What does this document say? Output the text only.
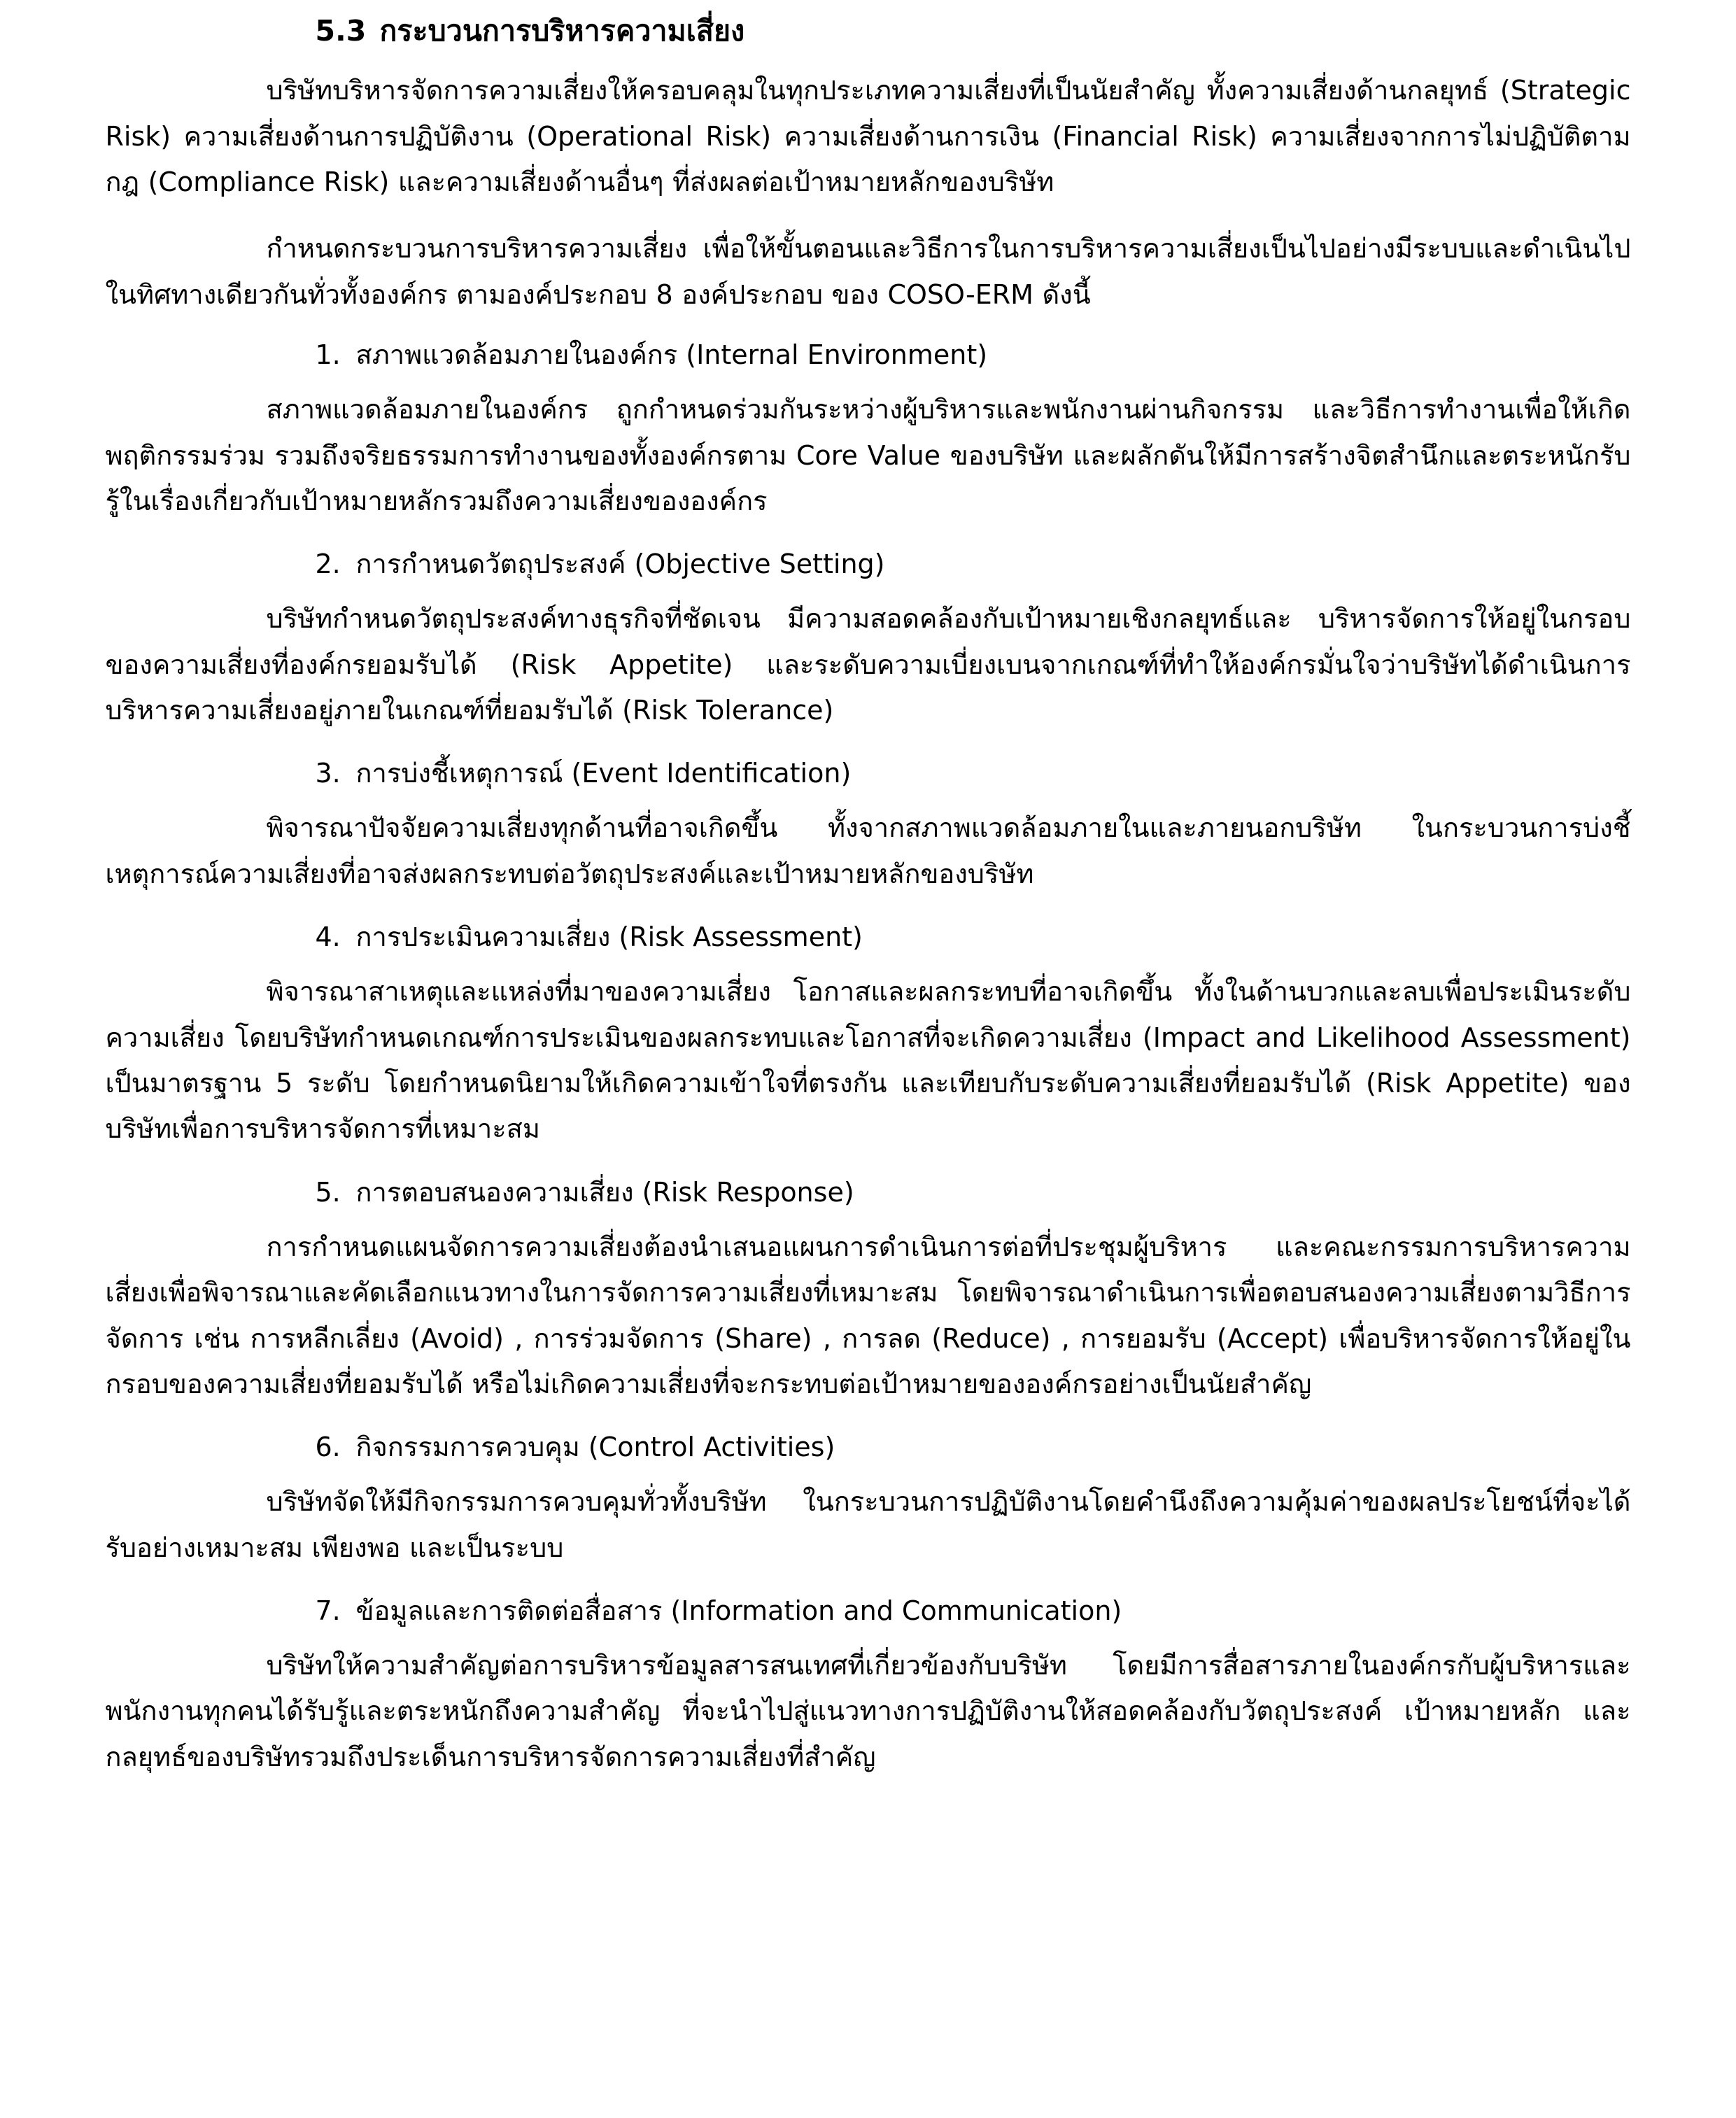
5.3 กระบวนการบริหารความเสี่ยง

บริษัทบริหารจัดการความเสี่ยงให้ครอบคลุมในทุกประเภทความเสี่ยงที่เป็นนัยสำคัญ ทั้งความเสี่ยงด้านกลยุทธ์ (Strategic Risk) ความเสี่ยงด้านการปฏิบัติงาน (Operational Risk) ความเสี่ยงด้านการเงิน (Financial Risk) ความเสี่ยงจากการไม่ปฏิบัติตามกฎ (Compliance Risk) และความเสี่ยงด้านอื่นๆ ที่ส่งผลต่อเป้าหมายหลักของบริษัท

กำหนดกระบวนการบริหารความเสี่ยง เพื่อให้ขั้นตอนและวิธีการในการบริหารความเสี่ยงเป็นไปอย่างมีระบบและดำเนินไปในทิศทางเดียวกันทั่วทั้งองค์กร ตามองค์ประกอบ 8 องค์ประกอบ ของ COSO-ERM ดังนี้

1. สภาพแวดล้อมภายในองค์กร (Internal Environment)

สภาพแวดล้อมภายในองค์กร ถูกกำหนดร่วมกันระหว่างผู้บริหารและพนักงานผ่านกิจกรรม และวิธีการทำงานเพื่อให้เกิดพฤติกรรมร่วม รวมถึงจริยธรรมการทำงานของทั้งองค์กรตาม Core Value ของบริษัท และผลักดันให้มีการสร้างจิตสำนึกและตระหนักรับรู้ในเรื่องเกี่ยวกับเป้าหมายหลักรวมถึงความเสี่ยงขององค์กร

2. การกำหนดวัตถุประสงค์ (Objective Setting)

บริษัทกำหนดวัตถุประสงค์ทางธุรกิจที่ชัดเจน มีความสอดคล้องกับเป้าหมายเชิงกลยุทธ์และ บริหารจัดการให้อยู่ในกรอบของความเสี่ยงที่องค์กรยอมรับได้ (Risk Appetite) และระดับความเบี่ยงเบนจากเกณฑ์ที่ทำให้องค์กรมั่นใจว่าบริษัทได้ดำเนินการบริหารความเสี่ยงอยู่ภายในเกณฑ์ที่ยอมรับได้ (Risk Tolerance)

3. การบ่งชี้เหตุการณ์ (Event Identification)

พิจารณาปัจจัยความเสี่ยงทุกด้านที่อาจเกิดขึ้น ทั้งจากสภาพแวดล้อมภายในและภายนอกบริษัท ในกระบวนการบ่งชี้เหตุการณ์ความเสี่ยงที่อาจส่งผลกระทบต่อวัตถุประสงค์และเป้าหมายหลักของบริษัท

4. การประเมินความเสี่ยง (Risk Assessment)

พิจารณาสาเหตุและแหล่งที่มาของความเสี่ยง โอกาสและผลกระทบที่อาจเกิดขึ้น ทั้งในด้านบวกและลบเพื่อประเมินระดับความเสี่ยง โดยบริษัทกำหนดเกณฑ์การประเมินของผลกระทบและโอกาสที่จะเกิดความเสี่ยง (Impact and Likelihood Assessment) เป็นมาตรฐาน 5 ระดับ โดยกำหนดนิยามให้เกิดความเข้าใจที่ตรงกัน และเทียบกับระดับความเสี่ยงที่ยอมรับได้ (Risk Appetite) ของบริษัทเพื่อการบริหารจัดการที่เหมาะสม

5. การตอบสนองความเสี่ยง (Risk Response)

การกำหนดแผนจัดการความเสี่ยงต้องนำเสนอแผนการดำเนินการต่อที่ประชุมผู้บริหาร และคณะกรรมการบริหารความเสี่ยงเพื่อพิจารณาและคัดเลือกแนวทางในการจัดการความเสี่ยงที่เหมาะสม โดยพิจารณาดำเนินการเพื่อตอบสนองความเสี่ยงตามวิธีการจัดการ เช่น การหลีกเลี่ยง (Avoid) , การร่วมจัดการ (Share) , การลด (Reduce) , การยอมรับ (Accept) เพื่อบริหารจัดการให้อยู่ในกรอบของความเสี่ยงที่ยอมรับได้ หรือไม่เกิดความเสี่ยงที่จะกระทบต่อเป้าหมายขององค์กรอย่างเป็นนัยสำคัญ

6. กิจกรรมการควบคุม (Control Activities)

บริษัทจัดให้มีกิจกรรมการควบคุมทั่วทั้งบริษัท ในกระบวนการปฏิบัติงานโดยคำนึงถึงความคุ้มค่าของผลประโยชน์ที่จะได้รับอย่างเหมาะสม เพียงพอ และเป็นระบบ

7. ข้อมูลและการติดต่อสื่อสาร (Information and Communication)

บริษัทให้ความสำคัญต่อการบริหารข้อมูลสารสนเทศที่เกี่ยวข้องกับบริษัท โดยมีการสื่อสารภายในองค์กรกับผู้บริหารและพนักงานทุกคนได้รับรู้และตระหนักถึงความสำคัญ ที่จะนำไปสู่แนวทางการปฏิบัติงานให้สอดคล้องกับวัตถุประสงค์ เป้าหมายหลัก และกลยุทธ์ของบริษัทรวมถึงประเด็นการบริหารจัดการความเสี่ยงที่สำคัญ
